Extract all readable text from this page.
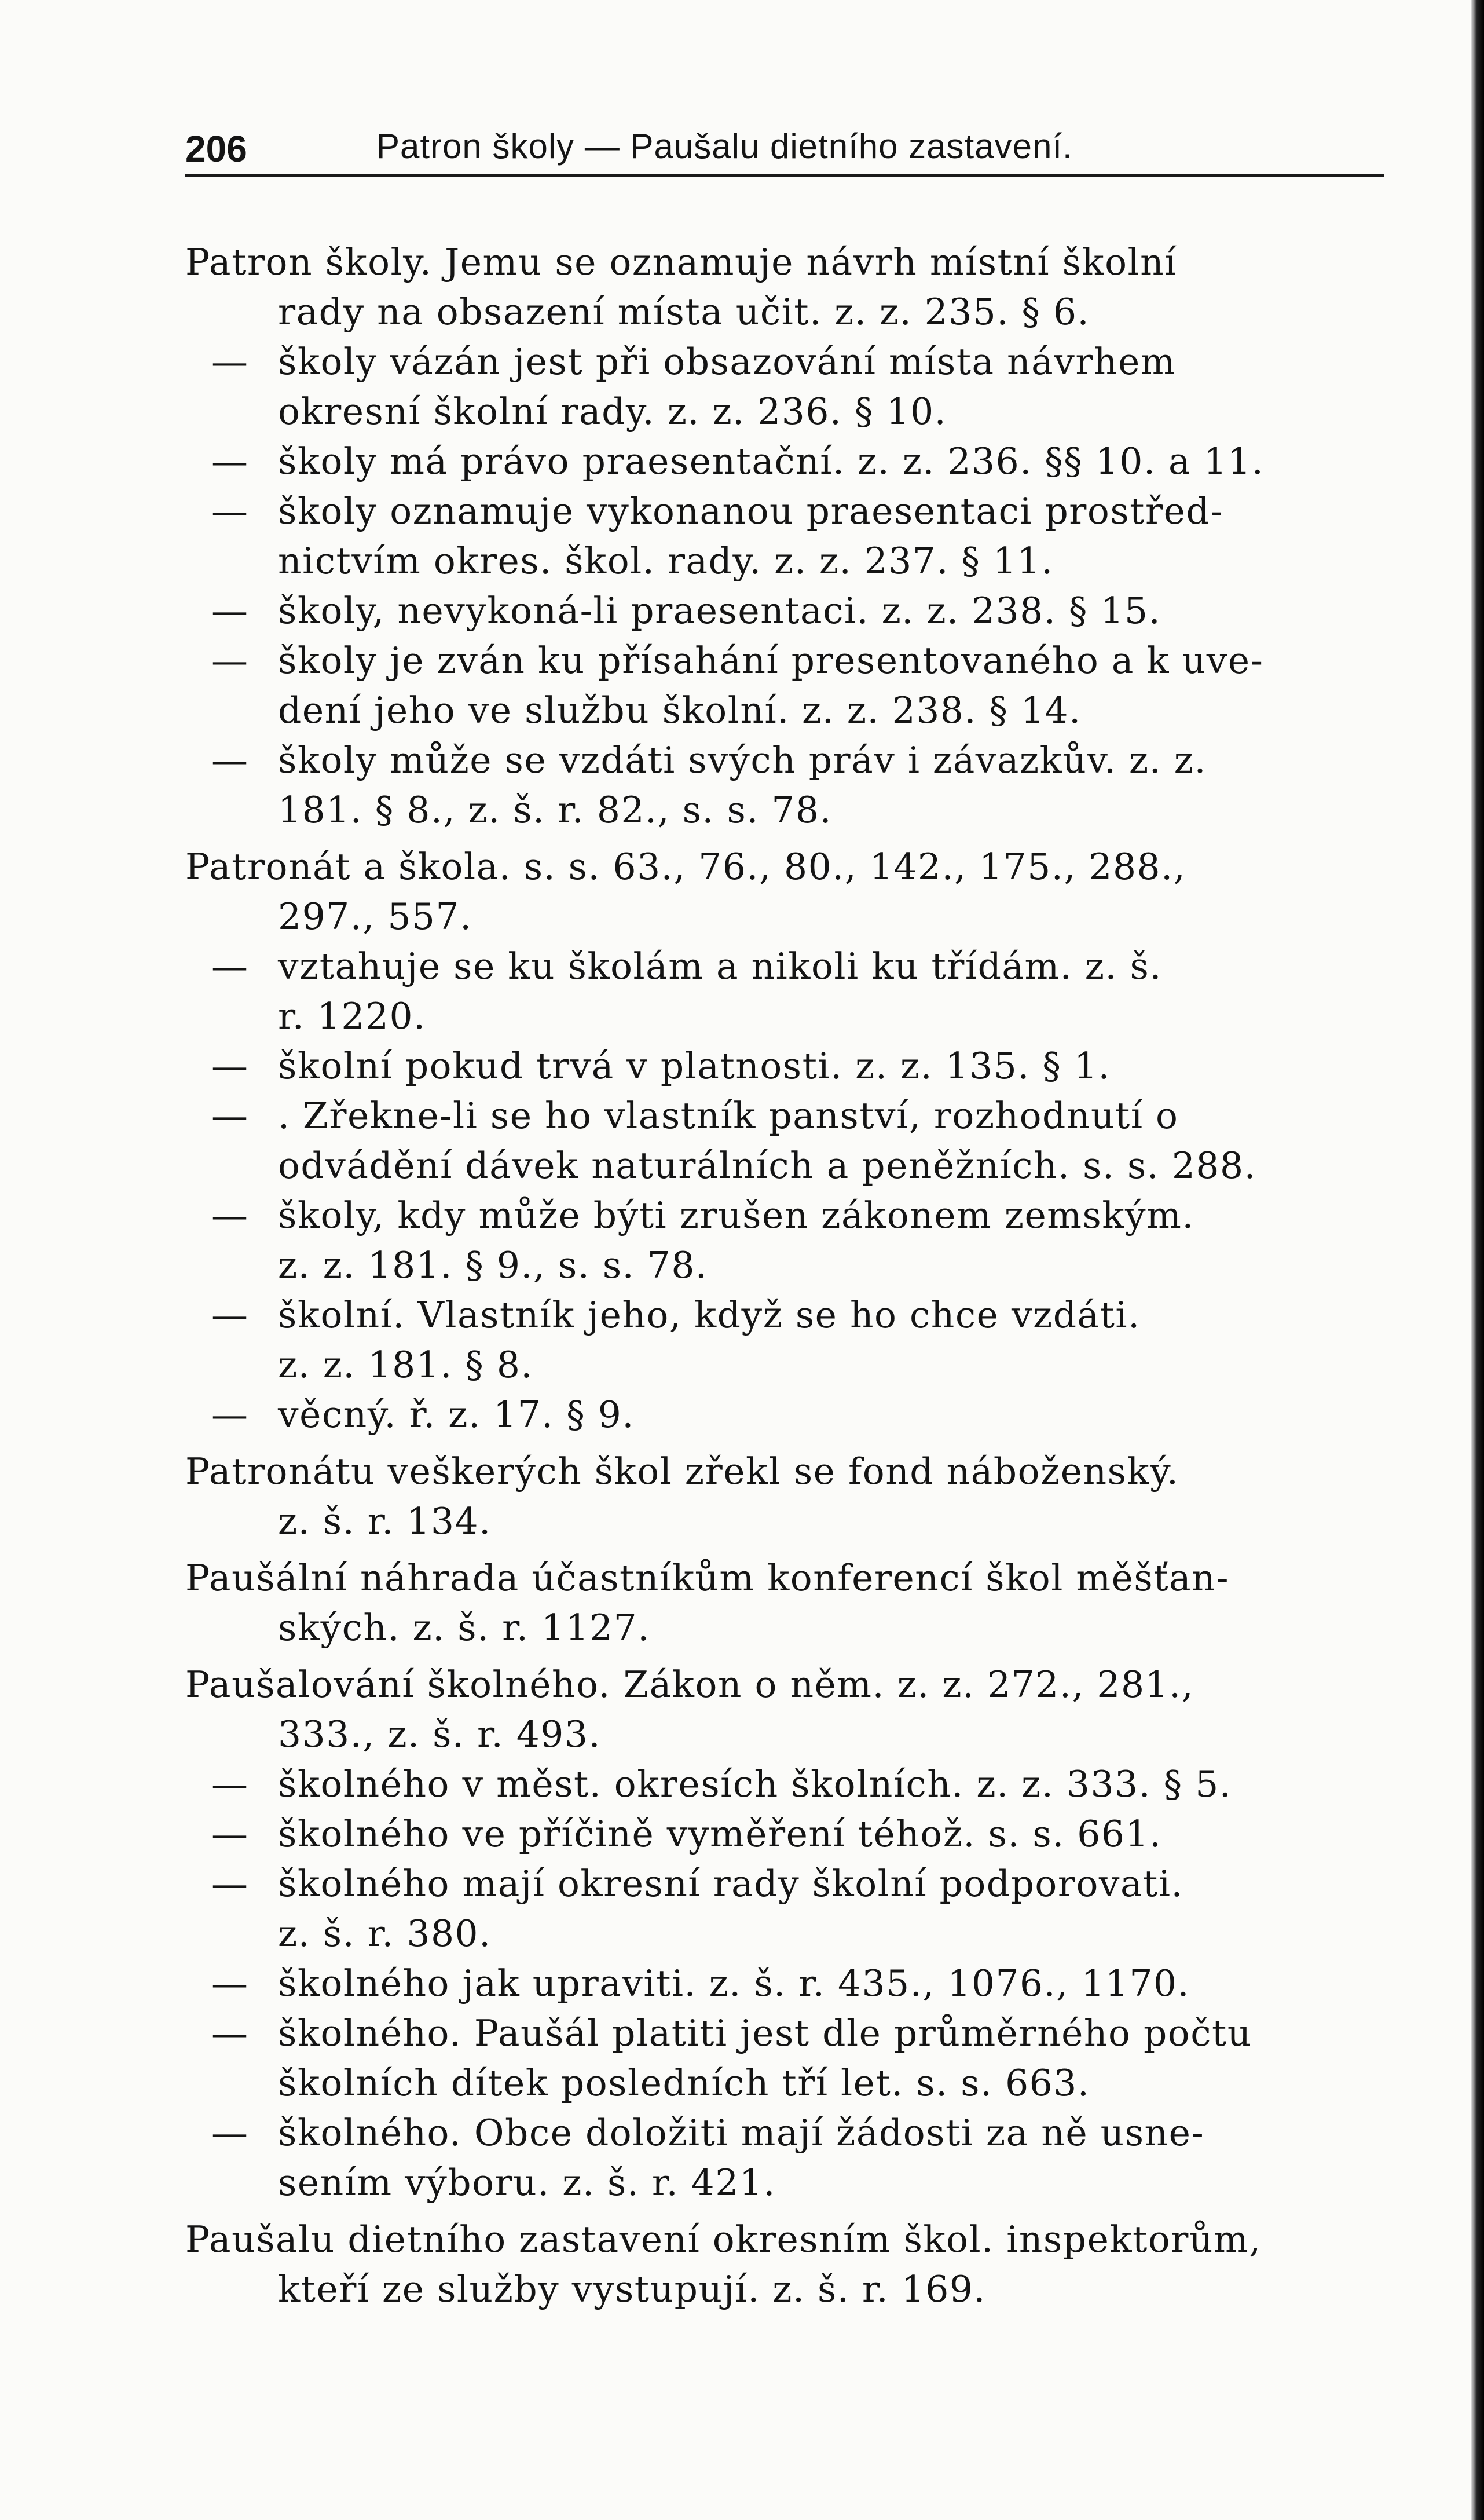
206	Patron školy — Paušalu dietního zastavení.
Patron školy. Jemu se oznamuje návrh místní školní
rady na obsazení místa učit. z. z. 235. § 6.
— školy vázán jest při obsazování místa návrhem
okresní školní rady. z. z. 236. § 10.
— školy má právo praesentační. z. z. 236. §§ 10. a 11.
— školy oznamuje vykonanou praesentaci prostřed-
nictvím okres. škol. rady. z. z. 237. § 11.
— školy, nevykoná-li praesentaci. z. z. 238. § 15.
— školy je zván ku přísahání presentovaného a k uve-
dení jeho ve službu školní. z. z. 238. § 14.
— školy může se vzdáti svých práv i závazkův. z. z.
181. § 8., z. š. r. 82., s. s. 78.
Patronát a škola. s. s. 63., 76., 80., 142., 175., 288.,
297., 557.
— vztahuje se ku školám a nikoli ku třídám. z. š.
r. 1220.
— školní pokud trvá v platnosti. z. z. 135. § 1.
— . Zřekne-li se ho vlastník panství, rozhodnutí o
odvádění dávek naturálních a peněžních. s. s. 288.
— školy, kdy může býti zrušen zákonem zemským.
z. z. 181. § 9., s. s. 78.
— školní. Vlastník jeho, když se ho chce vzdáti.
z. z. 181. § 8.
— věcný. ř. z. 17. § 9.
Patronátu veškerých škol zřekl se fond náboženský.
z. š. r. 134.
Paušální náhrada účastníkům konferencí škol měšťan-
ských. z. š. r. 1127.
Paušalování školného. Zákon o něm. z. z. 272., 281.,
333., z. š. r. 493.
— školného v měst. okresích školních. z. z. 333. § 5.
— školného ve příčině vyměření téhož. s. s. 661.
— školného mají okresní rady školní podporovati.
z. š. r. 380.
— školného jak upraviti. z. š. r. 435., 1076., 1170.
— školného. Paušál platiti jest dle průměrného počtu
školních dítek posledních tří let. s. s. 663.
— školného. Obce doložiti mají žádosti za ně usne-
sením výboru. z. š. r. 421.
Paušalu dietního zastavení okresním škol. inspektorům,
kteří ze služby vystupují. z. š. r. 169.
